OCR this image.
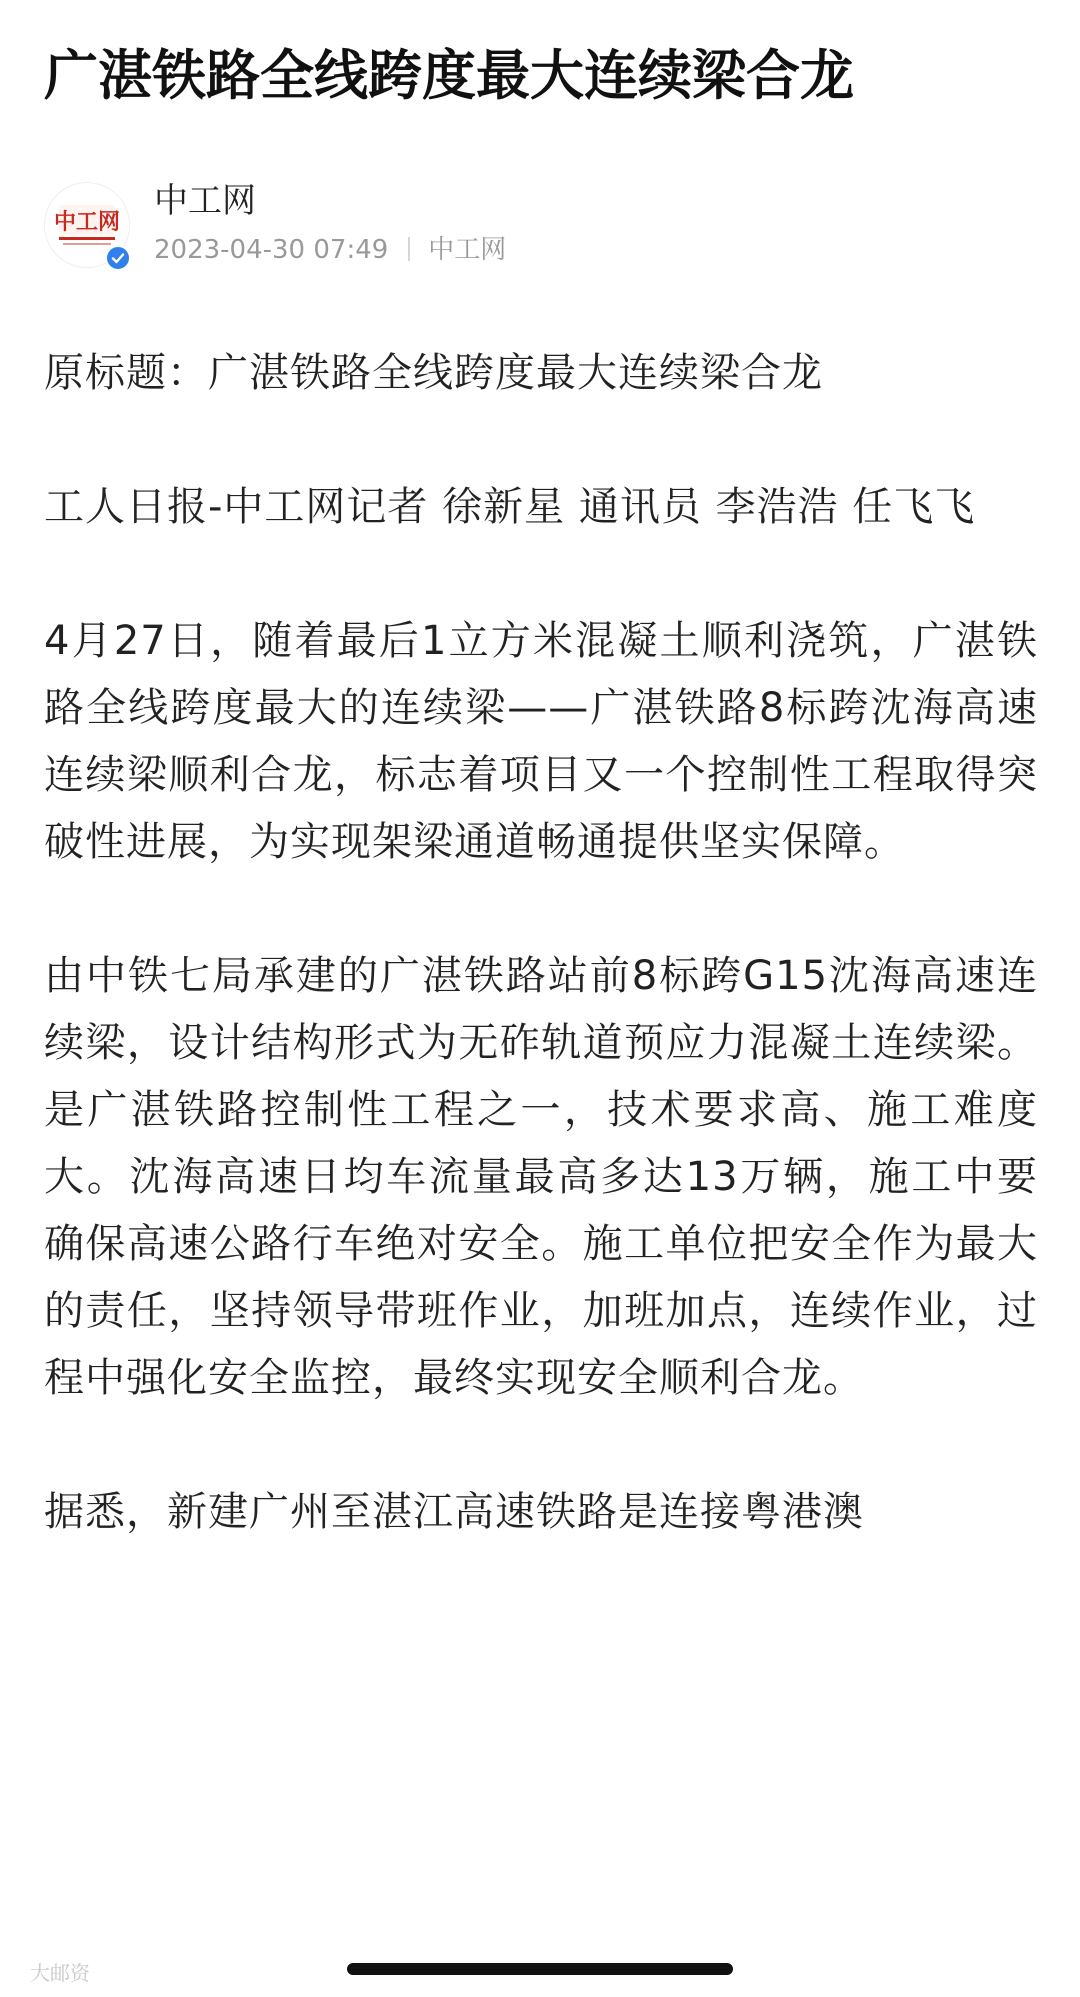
广湛铁路全线跨度最大连续梁合龙
中工网
中工网
2023-04-30 07:49 中工网

原标题：广湛铁路全线跨度最大连续梁合龙

工人日报-中工网记者 徐新星 通讯员 李浩浩 任飞飞

4月27日，随着最后1立方米混凝土顺利浇筑，广湛铁路全线跨度最大的连续梁——广湛铁路8标跨沈海高速连续梁顺利合龙，标志着项目又一个控制性工程取得突破性进展，为实现架梁通道畅通提供坚实保障。

由中铁七局承建的广湛铁路站前8标跨G15沈海高速连续梁，设计结构形式为无砟轨道预应力混凝土连续梁。是广湛铁路控制性工程之一，技术要求高、施工难度大。沈海高速日均车流量最高多达13万辆，施工中要确保高速公路行车绝对安全。施工单位把安全作为最大的责任，坚持领导带班作业，加班加点，连续作业，过程中强化安全监控，最终实现安全顺利合龙。

据悉，新建广州至湛江高速铁路是连接粤港澳

大邮资
